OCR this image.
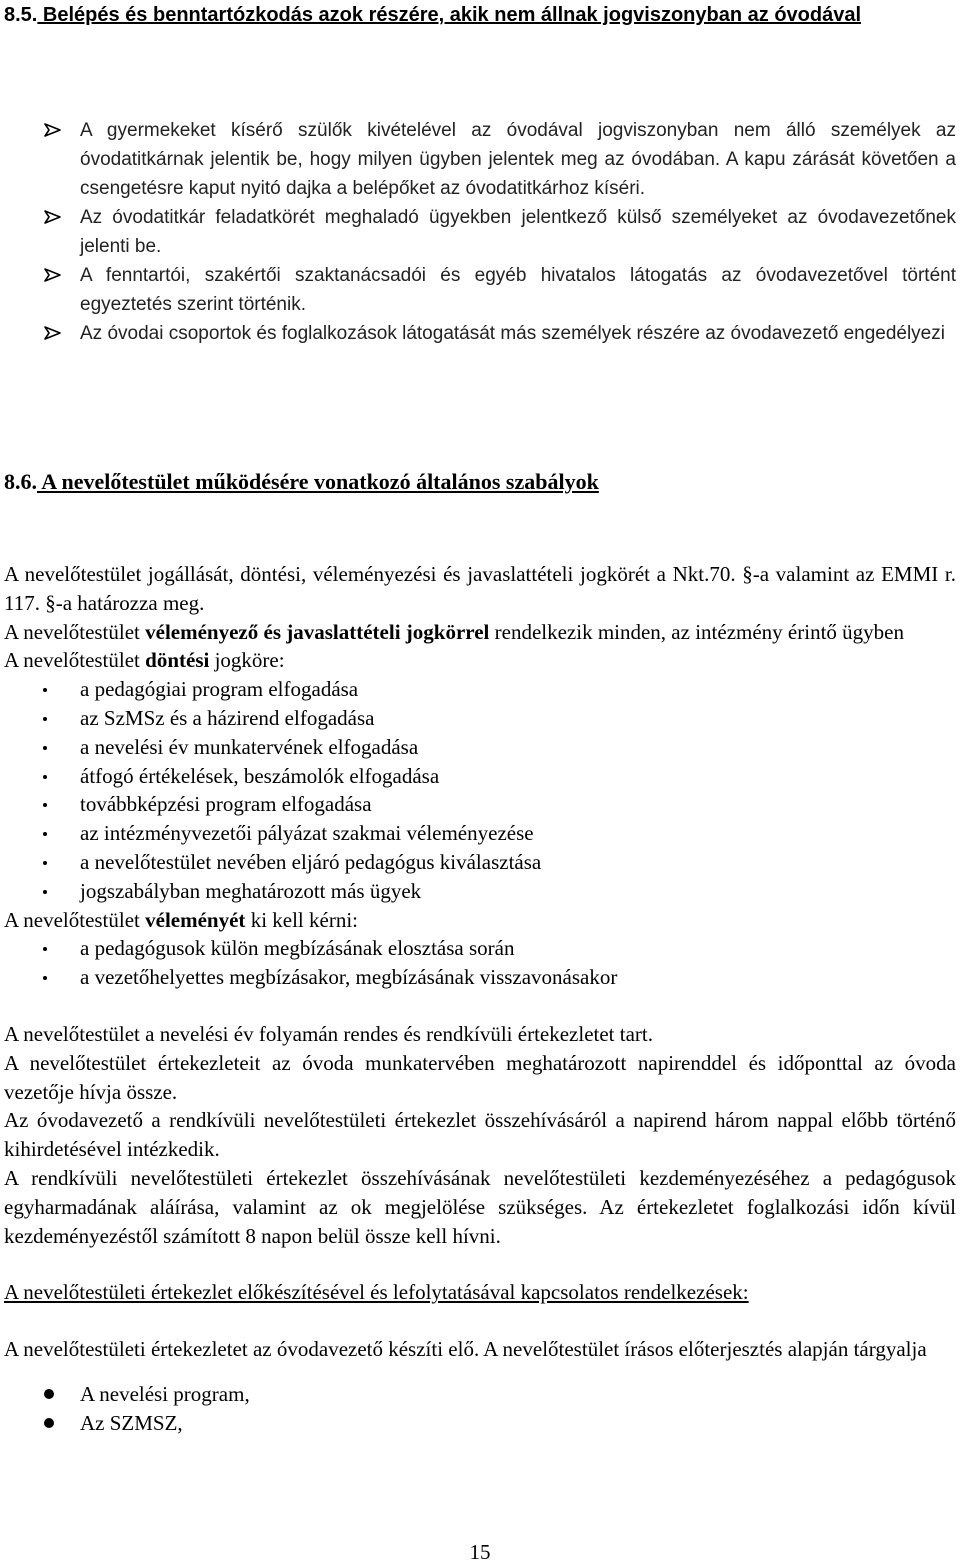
8.5. Belépés és benntartózkodás azok részére, akik nem állnak jogviszonyban az óvodával
A gyermekeket kísérő szülők kivételével az óvodával jogviszonyban nem álló személyek az óvodatitkárnak jelentik be, hogy milyen ügyben jelentek meg az óvodában. A kapu zárását követően a csengetésre kaput nyitó dajka a belépőket az óvodatitkárhoz kíséri.
Az óvodatitkár feladatkörét meghaladó ügyekben jelentkező külső személyeket az óvodavezetőnek jelenti be.
A fenntartói, szakértői szaktanácsadói és egyéb hivatalos látogatás az óvodavezetővel történt egyeztetés szerint történik.
Az óvodai csoportok és foglalkozások látogatását más személyek részére az óvodavezető engedélyezi
8.6. A nevelőtestület működésére vonatkozó általános szabályok

A nevelőtestület jogállását, döntési, véleményezési és javaslattételi jogkörét a Nkt.70. §-a valamint az EMMI r. 117. §-a határozza meg.

A nevelőtestület véleményező és javaslattételi jogkörrel rendelkezik minden, az intézmény érintő ügyben

A nevelőtestület döntési jogköre:

a pedagógiai program elfogadása
az SzMSz és a házirend elfogadása
a nevelési év munkatervének elfogadása
átfogó értékelések, beszámolók elfogadása
továbbképzési program elfogadása
az intézményvezetői pályázat szakmai véleményezése
a nevelőtestület nevében eljáró pedagógus kiválasztása
jogszabályban meghatározott más ügyek

A nevelőtestület véleményét ki kell kérni:

a pedagógusok külön megbízásának elosztása során
a vezetőhelyettes megbízásakor, megbízásának visszavonásakor

A nevelőtestület a nevelési év folyamán rendes és rendkívüli értekezletet tart.

A nevelőtestület értekezleteit az óvoda munkatervében meghatározott napirenddel és időponttal az óvoda vezetője hívja össze.

Az óvodavezető a rendkívüli nevelőtestületi értekezlet összehívásáról a napirend három nappal előbb történő kihirdetésével intézkedik.

A rendkívüli nevelőtestületi értekezlet összehívásának nevelőtestületi kezdeményezéséhez a pedagógusok egyharmadának aláírása, valamint az ok megjelölése szükséges. Az értekezletet foglalkozási időn kívül kezdeményezéstől számított 8 napon belül össze kell hívni.

A nevelőtestületi értekezlet előkészítésével és lefolytatásával kapcsolatos rendelkezések:

A nevelőtestületi értekezletet az óvodavezető készíti elő. A nevelőtestület írásos előterjesztés alapján tárgyalja

A nevelési program,
Az SZMSZ,
15
